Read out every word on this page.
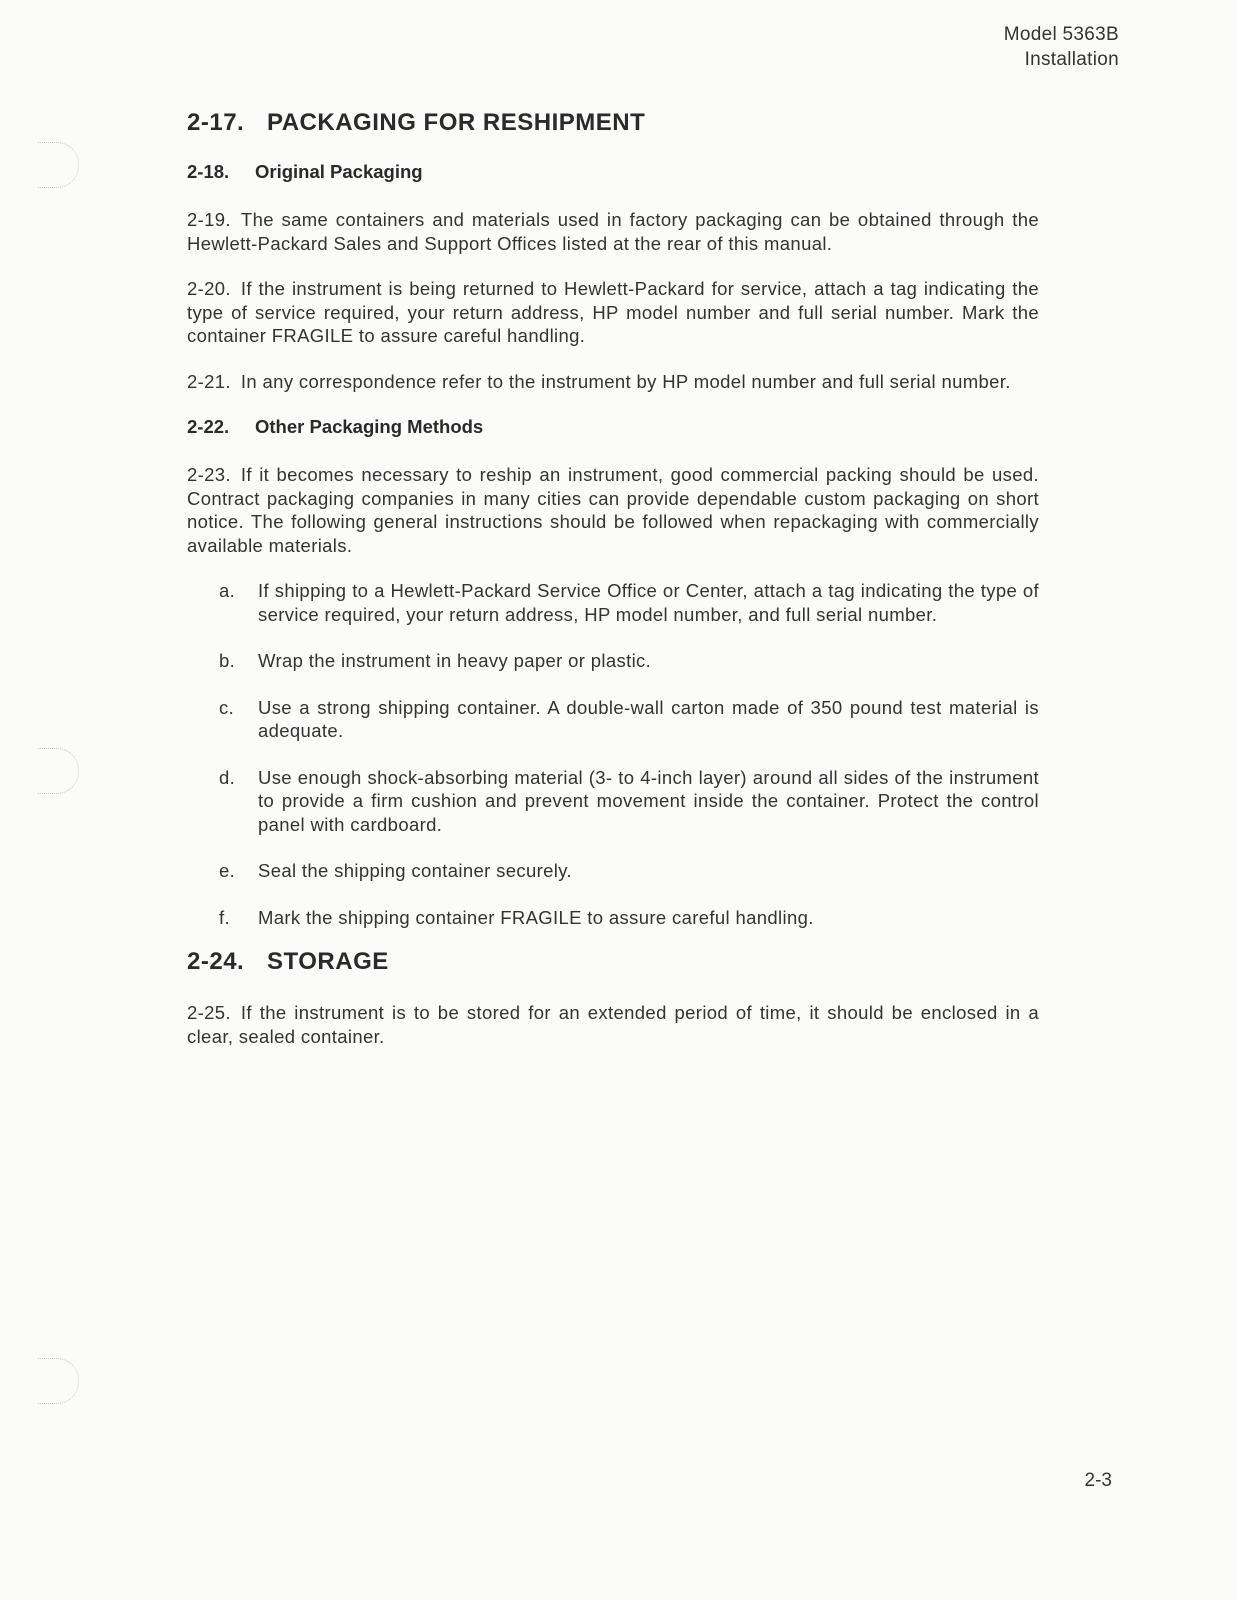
Model 5363B
Installation
2-17. PACKAGING FOR RESHIPMENT
2-18. Original Packaging

2-19. The same containers and materials used in factory packaging can be obtained through the Hewlett-Packard Sales and Support Offices listed at the rear of this manual.

2-20. If the instrument is being returned to Hewlett-Packard for service, attach a tag indicating the type of service required, your return address, HP model number and full serial number. Mark the container FRAGILE to assure careful handling.

2-21. In any correspondence refer to the instrument by HP model number and full serial number.

2-22. Other Packaging Methods

2-23. If it becomes necessary to reship an instrument, good commercial packing should be used. Contract packaging companies in many cities can provide dependable custom packaging on short notice. The following general instructions should be followed when repackaging with commercially available materials.

a. If shipping to a Hewlett-Packard Service Office or Center, attach a tag indicating the type of service required, your return address, HP model number, and full serial number.
b. Wrap the instrument in heavy paper or plastic.
c. Use a strong shipping container. A double-wall carton made of 350 pound test material is adequate.
d. Use enough shock-absorbing material (3- to 4-inch layer) around all sides of the instrument to provide a firm cushion and prevent movement inside the container. Protect the control panel with cardboard.
e. Seal the shipping container securely.
f. Mark the shipping container FRAGILE to assure careful handling.
2-24. STORAGE

2-25. If the instrument is to be stored for an extended period of time, it should be enclosed in a clear, sealed container.

2-3
